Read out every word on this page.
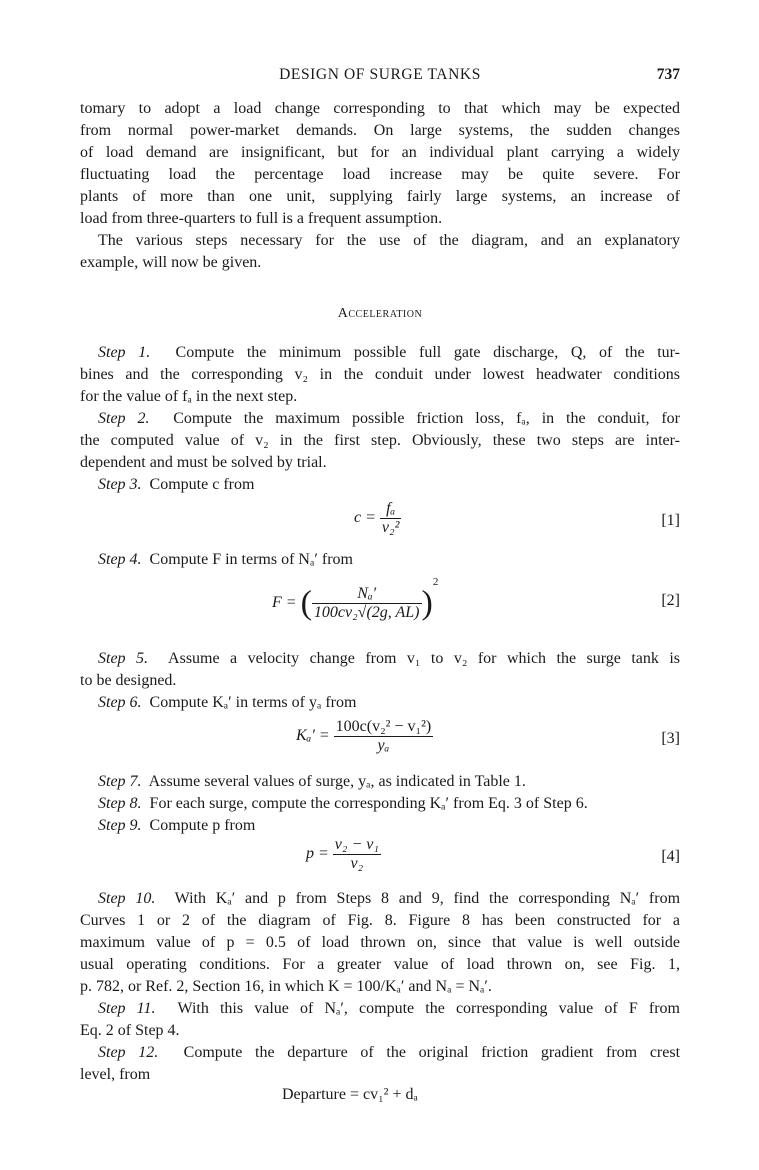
DESIGN OF SURGE TANKS	737
tomary to adopt a load change corresponding to that which may be expected
from normal power-market demands. On large systems, the sudden changes
of load demand are insignificant, but for an individual plant carrying a widely
fluctuating load the percentage load increase may be quite severe. For
plants of more than one unit, supplying fairly large systems, an increase of
load from three-quarters to full is a frequent assumption.
The various steps necessary for the use of the diagram, and an explanatory
example, will now be given.
Acceleration
Step 1. Compute the minimum possible full gate discharge, Q, of the tur-
bines and the corresponding v₂ in the conduit under lowest headwater conditions
for the value of fₐ in the next step.
Step 2. Compute the maximum possible friction loss, fₐ, in the conduit, for
the computed value of v₂ in the first step. Obviously, these two steps are inter-
dependent and must be solved by trial.
Step 3. Compute c from
$c = \frac{\text{fₐ}}{\text{v₂²}}$	[1]
Step 4. Compute F in terms of Nₐ′ from
F = ( $\frac{\text{Nₐ′}}{\text{100cv₂√(2g, AL)}} )^2$
[2]
Step 5. Assume a velocity change from v₁ to v₂ for which the surge tank is
to be designed.
Step 6. Compute Kₐ′ in terms of yₐ from
$K_a' = \frac{\text{100c(v₂² − v₁²)}}{\text{yₐ}}$	[3]
Step 7. Assume several values of surge, yₐ, as indicated in Table 1.
Step 8. For each surge, compute the corresponding Kₐ′ from Eq. 3 of Step 6.
Step 9. Compute p from
$p = \frac{\text{v₂ − v₁}}{\text{v₂}}$	[4]
Step 10. With Kₐ′ and p from Steps 8 and 9, find the corresponding Nₐ′ from
Curves 1 or 2 of the diagram of Fig. 8. Figure 8 has been constructed for a
maximum value of p = 0.5 of load thrown on, since that value is well outside
usual operating conditions. For a greater value of load thrown on, see Fig. 1,
p. 782, or Ref. 2, Section 16, in which K = 100/Kₐ′ and Nₐ = Nₐ′.
Step 11. With this value of Nₐ′, compute the corresponding value of F from
Eq. 2 of Step 4.
Step 12. Compute the departure of the original friction gradient from crest
level, from
Departure = cv₁² + dₐ
